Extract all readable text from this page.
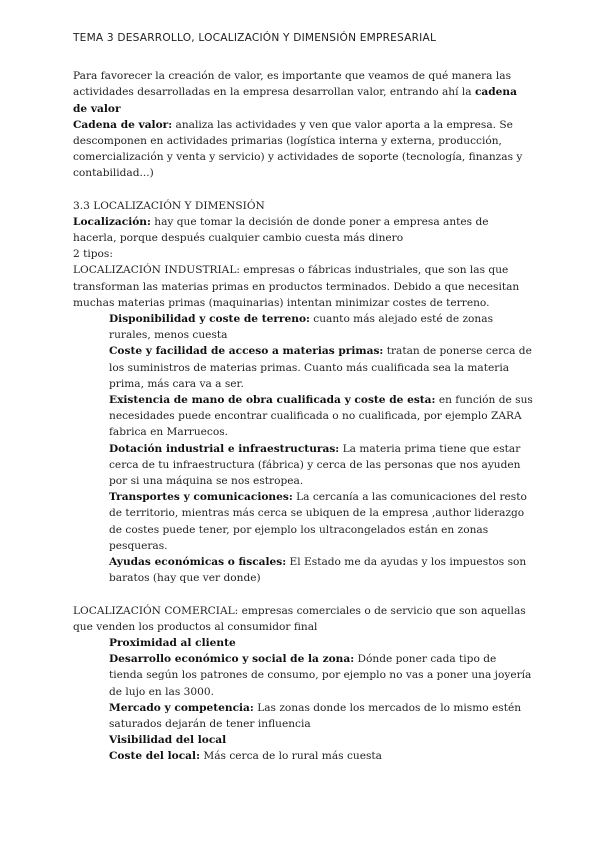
TEMA 3 DESARROLLO, LOCALIZACIÓN Y DIMENSIÓN EMPRESARIAL

Para favorecer la creación de valor, es importante que veamos de qué manera las actividades desarrolladas en la empresa desarrollan valor, entrando ahí la cadena de valor

Cadena de valor: analiza las actividades y ven que valor aporta a la empresa. Se descomponen en actividades primarias (logística interna y externa, producción, comercialización y venta y servicio) y actividades de soporte (tecnología, finanzas y contabilidad...)

3.3 LOCALIZACIÓN Y DIMENSIÓN

Localización: hay que tomar la decisión de donde poner a empresa antes de hacerla, porque después cualquier cambio cuesta más dinero

2 tipos:

LOCALIZACIÓN INDUSTRIAL: empresas o fábricas industriales, que son las que transforman las materias primas en productos terminados. Debido a que necesitan muchas materias primas (maquinarias) intentan minimizar costes de terreno.

Disponibilidad y coste de terreno: cuanto más alejado esté de zonas rurales, menos cuesta

Coste y facilidad de acceso a materias primas: tratan de ponerse cerca de los suministros de materias primas. Cuanto más cualificada sea la materia prima, más cara va a ser.

Existencia de mano de obra cualificada y coste de esta: en función de sus necesidades puede encontrar cualificada o no cualificada, por ejemplo ZARA fabrica en Marruecos.

Dotación industrial e infraestructuras: La materia prima tiene que estar cerca de tu infraestructura (fábrica) y cerca de las personas que nos ayuden por si una máquina se nos estropea.

Transportes y comunicaciones: La cercanía a las comunicaciones del resto de territorio, mientras más cerca se ubiquen de la empresa ,author liderazgo de costes puede tener, por ejemplo los ultracongelados están en zonas pesqueras.

Ayudas económicas o fiscales: El Estado me da ayudas y los impuestos son baratos (hay que ver donde)

LOCALIZACIÓN COMERCIAL: empresas comerciales o de servicio que son aquellas que venden los productos al consumidor final

Proximidad al cliente

Desarrollo económico y social de la zona: Dónde poner cada tipo de tienda según los patrones de consumo, por ejemplo no vas a poner una joyería de lujo en las 3000.

Mercado y competencia: Las zonas donde los mercados de lo mismo estén saturados dejarán de tener influencia

Visibilidad del local

Coste del local: Más cerca de lo rural más cuesta
